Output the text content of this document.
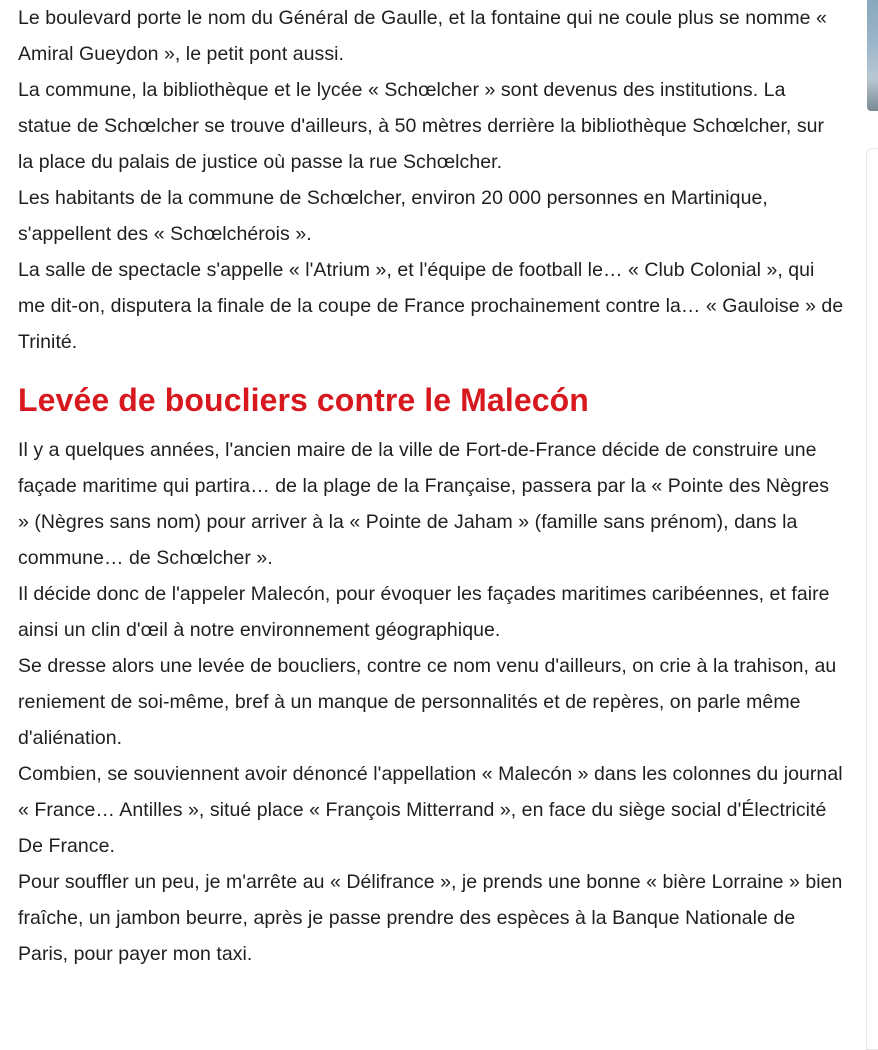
Le boulevard porte le nom du Général de Gaulle, et la fontaine qui ne coule plus se nomme « Amiral Gueydon », le petit pont aussi.

La commune, la bibliothèque et le lycée « Schœlcher » sont devenus des institutions. La statue de Schœlcher se trouve d'ailleurs, à 50 mètres derrière la bibliothèque Schœlcher, sur la place du palais de justice où passe la rue Schœlcher.

Les habitants de la commune de Schœlcher, environ 20 000 personnes en Martinique, s'appellent des « Schœlchérois ».

La salle de spectacle s'appelle « l'Atrium », et l'équipe de football le… « Club Colonial », qui me dit-on, disputera la finale de la coupe de France prochainement contre la… « Gauloise » de Trinité.

Levée de boucliers contre le Malecón

Il y a quelques années, l'ancien maire de la ville de Fort-de-France décide de construire une façade maritime qui partira… de la plage de la Française, passera par la « Pointe des Nègres » (Nègres sans nom) pour arriver à la « Pointe de Jaham » (famille sans prénom), dans la commune… de Schœlcher ».

Il décide donc de l'appeler Malecón, pour évoquer les façades maritimes caribéennes, et faire ainsi un clin d'œil à notre environnement géographique.

Se dresse alors une levée de boucliers, contre ce nom venu d'ailleurs, on crie à la trahison, au reniement de soi-même, bref à un manque de personnalités et de repères, on parle même d'aliénation.

Combien, se souviennent avoir dénoncé l'appellation « Malecón » dans les colonnes du journal « France… Antilles », situé place « François Mitterrand », en face du siège social d'Électricité De France.

Pour souffler un peu, je m'arrête au « Délifrance », je prends une bonne « bière Lorraine » bien fraîche, un jambon beurre, après je passe prendre des espèces à la Banque Nationale de Paris, pour payer mon taxi.
